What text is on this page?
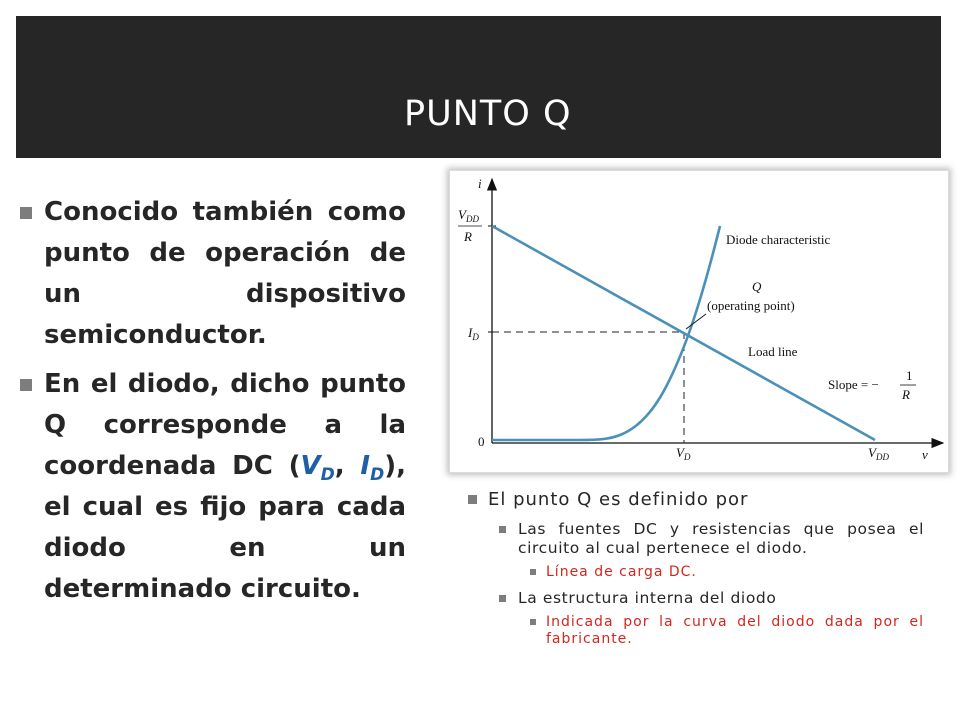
PUNTO Q
Conocido también como punto de operación de un dispositivo semiconductor.
En el diodo, dicho punto Q corresponde a la coordenada DC ($V_D$, $I_D$), el cual es fijo para cada diodo en un determinado circuito.
i
v
$V_{DD}$
R
$I_D$
0
$V_D$	$V_{DD}$
Diode characteristic
Q
(operating point)
Load line
Slope = −
1
R
El punto Q es definido por
Las fuentes DC y resistencias que posea el circuito al cual pertenece el diodo.
Línea de carga DC.
La estructura interna del diodo
Indicada por la curva del diodo dada por el fabricante.
